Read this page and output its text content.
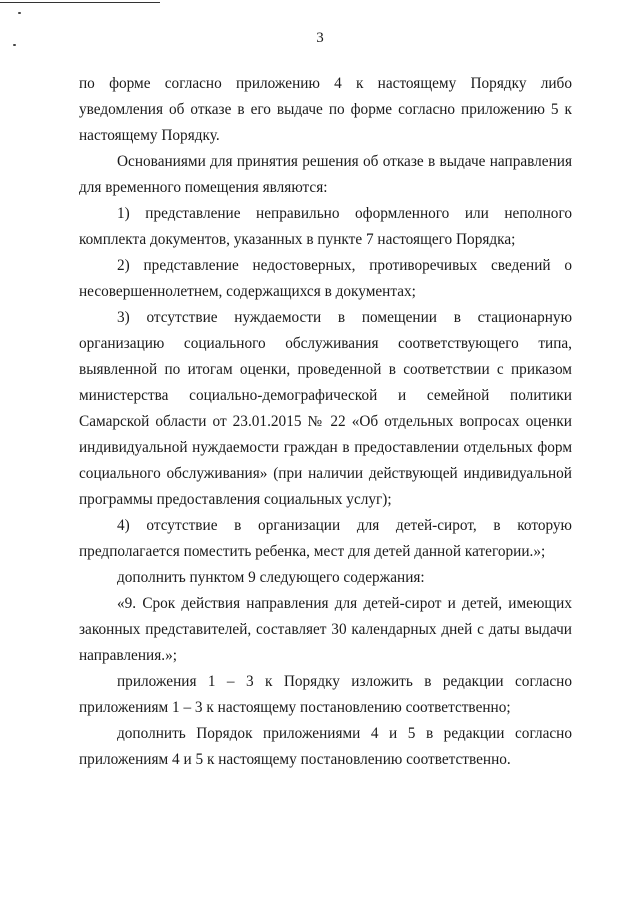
3
по форме согласно приложению 4 к настоящему Порядку либо
уведомления об отказе в его выдаче по форме согласно приложению 5 к
настоящему Порядку.
Основаниями для принятия решения об отказе в выдаче направления
для временного помещения являются:
1) представление неправильно оформленного или неполного
комплекта документов, указанных в пункте 7 настоящего Порядка;
2) представление недостоверных, противоречивых сведений о
несовершеннолетнем, содержащихся в документах;
3) отсутствие нуждаемости в помещении в стационарную
организацию социального обслуживания соответствующего типа,
выявленной по итогам оценки, проведенной в соответствии с приказом
министерства социально-демографической и семейной политики
Самарской области от 23.01.2015 № 22 «Об отдельных вопросах оценки
индивидуальной нуждаемости граждан в предоставлении отдельных форм
социального обслуживания» (при наличии действующей индивидуальной
программы предоставления социальных услуг);
4) отсутствие в организации для детей-сирот, в которую
предполагается поместить ребенка, мест для детей данной категории.»;
дополнить пунктом 9 следующего содержания:
«9. Срок действия направления для детей-сирот и детей, имеющих
законных представителей, составляет 30 календарных дней с даты выдачи
направления.»;
приложения 1 – 3 к Порядку изложить в редакции согласно
приложениям 1 – 3 к настоящему постановлению соответственно;
дополнить Порядок приложениями 4 и 5 в редакции согласно
приложениям 4 и 5 к настоящему постановлению соответственно.
